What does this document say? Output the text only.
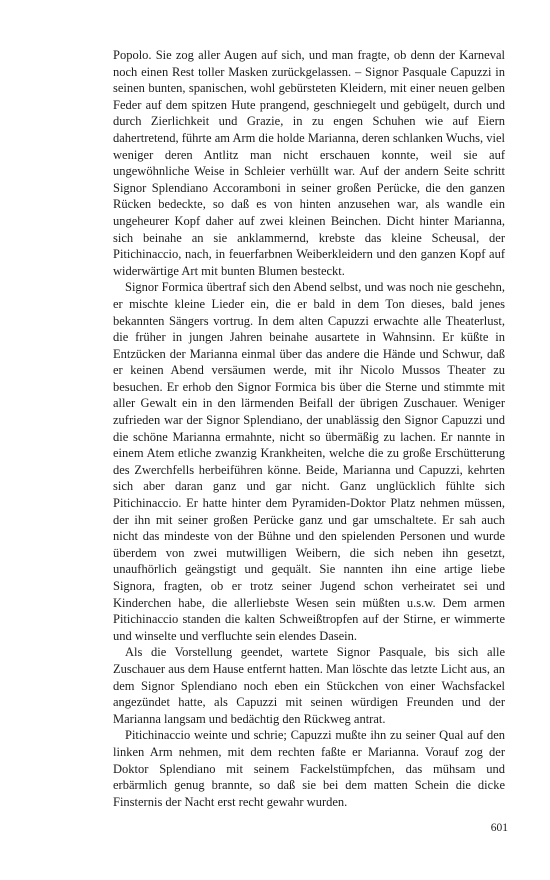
Popolo. Sie zog aller Augen auf sich, und man fragte, ob denn der Karneval noch einen Rest toller Masken zurückgelassen. – Signor Pasquale Capuzzi in seinen bunten, spanischen, wohl gebürsteten Kleidern, mit einer neuen gelben Feder auf dem spitzen Hute prangend, geschniegelt und gebügelt, durch und durch Zierlichkeit und Grazie, in zu engen Schuhen wie auf Eiern dahertretend, führte am Arm die holde Marianna, deren schlanken Wuchs, viel weniger deren Antlitz man nicht erschauen konnte, weil sie auf ungewöhnliche Weise in Schleier verhüllt war. Auf der andern Seite schritt Signor Splendiano Accoramboni in seiner großen Perücke, die den ganzen Rücken bedeckte, so daß es von hinten anzusehen war, als wandle ein ungeheurer Kopf daher auf zwei kleinen Beinchen. Dicht hinter Marianna, sich beinahe an sie anklammernd, krebste das kleine Scheusal, der Pitichinaccio, nach, in feuerfarbnen Weiberkleidern und den ganzen Kopf auf widerwärtige Art mit bunten Blumen besteckt.

Signor Formica übertraf sich den Abend selbst, und was noch nie geschehn, er mischte kleine Lieder ein, die er bald in dem Ton dieses, bald jenes bekannten Sängers vortrug. In dem alten Capuzzi erwachte alle Theaterlust, die früher in jungen Jahren beinahe ausartete in Wahnsinn. Er küßte in Entzücken der Marianna einmal über das andere die Hände und Schwur, daß er keinen Abend versäumen werde, mit ihr Nicolo Mussos Theater zu besuchen. Er erhob den Signor Formica bis über die Sterne und stimmte mit aller Gewalt ein in den lärmenden Beifall der übrigen Zuschauer. Weniger zufrieden war der Signor Splendiano, der unablässig den Signor Capuzzi und die schöne Marianna ermahnte, nicht so übermäßig zu lachen. Er nannte in einem Atem etliche zwanzig Krankheiten, welche die zu große Erschütterung des Zwerchfells herbeiführen könne. Beide, Marianna und Capuzzi, kehrten sich aber daran ganz und gar nicht. Ganz unglücklich fühlte sich Pitichinaccio. Er hatte hinter dem Pyramiden-Doktor Platz nehmen müssen, der ihn mit seiner großen Perücke ganz und gar umschaltete. Er sah auch nicht das mindeste von der Bühne und den spielenden Personen und wurde überdem von zwei mutwilligen Weibern, die sich neben ihn gesetzt, unaufhörlich geängstigt und gequält. Sie nannten ihn eine artige liebe Signora, fragten, ob er trotz seiner Jugend schon verheiratet sei und Kinderchen habe, die allerliebste Wesen sein müßten u.s.w. Dem armen Pitichinaccio standen die kalten Schweißtropfen auf der Stirne, er wimmerte und winselte und verfluchte sein elendes Dasein.

Als die Vorstellung geendet, wartete Signor Pasquale, bis sich alle Zuschauer aus dem Hause entfernt hatten. Man löschte das letzte Licht aus, an dem Signor Splendiano noch eben ein Stückchen von einer Wachsfackel angezündet hatte, als Capuzzi mit seinen würdigen Freunden und der Marianna langsam und bedächtig den Rückweg antrat.

Pitichinaccio weinte und schrie; Capuzzi mußte ihn zu seiner Qual auf den linken Arm nehmen, mit dem rechten faßte er Marianna. Vorauf zog der Doktor Splendiano mit seinem Fackelstümpfchen, das mühsam und erbärmlich genug brannte, so daß sie bei dem matten Schein die dicke Finsternis der Nacht erst recht gewahr wurden.

601
